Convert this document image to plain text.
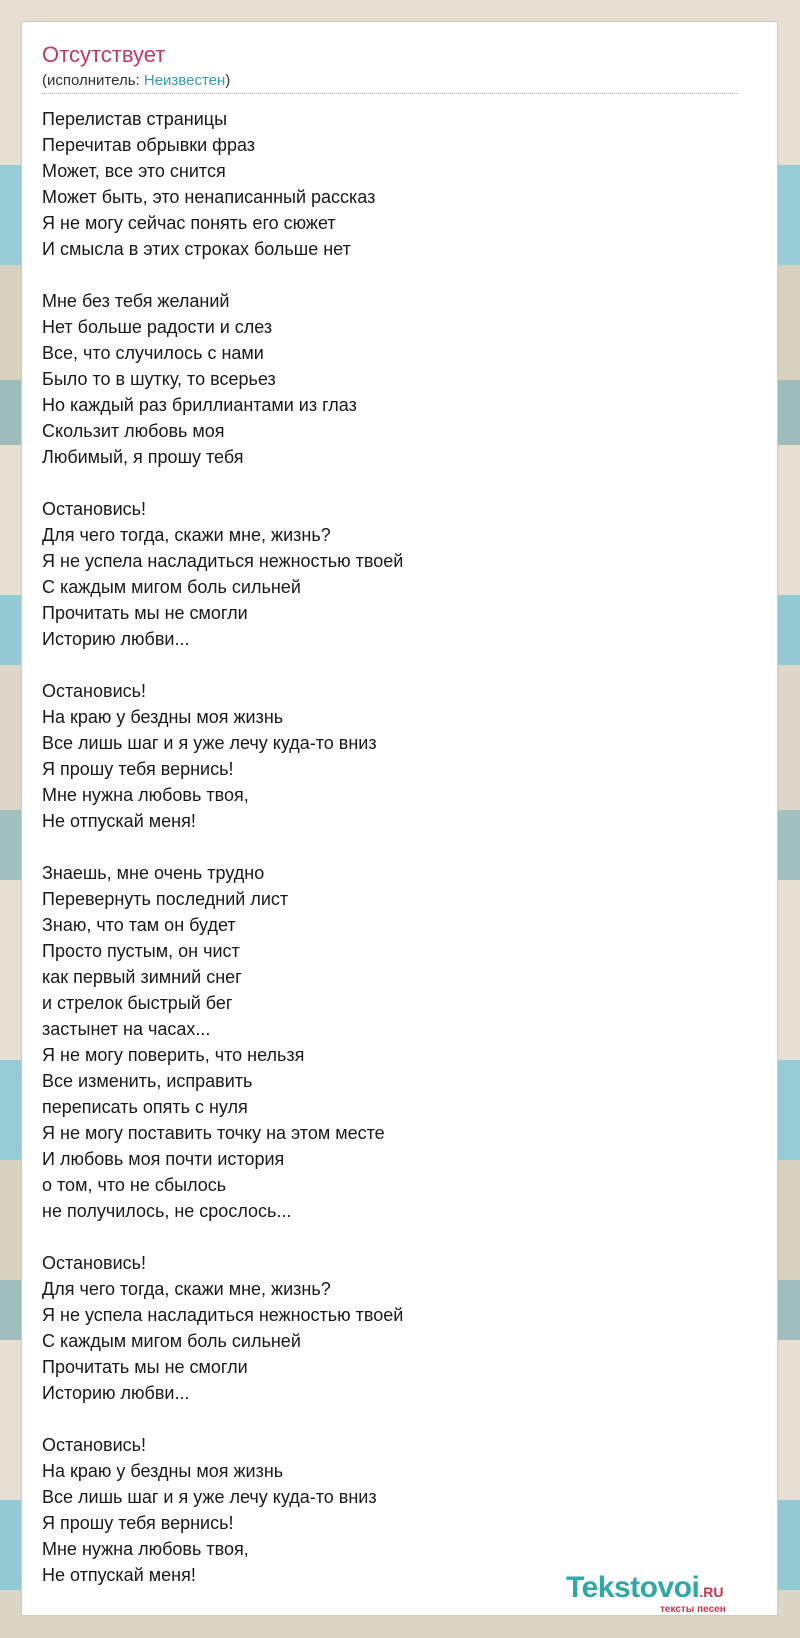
Отсутствует
(исполнитель: Неизвестен)
Перелистав страницы
Перечитав обрывки фраз
Может, все это снится
Может быть, это ненаписанный рассказ
Я не могу сейчас понять его сюжет
И смысла в этих строках больше нет
Мне без тебя желаний
Нет больше радости и слез
Все, что случилось с нами
Было то в шутку, то всерьез
Но каждый раз бриллиантами из глаз
Скользит любовь моя
Любимый, я прошу тебя
Остановись!
Для чего тогда, скажи мне, жизнь?
Я не успела насладиться нежностью твоей
С каждым мигом боль сильней
Прочитать мы не смогли
Историю любви...
Остановись!
На краю у бездны моя жизнь
Все лишь шаг и я уже лечу куда-то вниз
Я прошу тебя вернись!
Мне нужна любовь твоя,
Не отпускай меня!
Знаешь, мне очень трудно
Перевернуть последний лист
Знаю, что там он будет
Просто пустым, он чист
как первый зимний снег
и стрелок быстрый бег
застынет на часах...
Я не могу поверить, что нельзя
Все изменить, исправить
переписать опять с нуля
Я не могу поставить точку на этом месте
И любовь моя почти история
о том, что не сбылось
не получилось, не срослось...
Остановись!
Для чего тогда, скажи мне, жизнь?
Я не успела насладиться нежностью твоей
С каждым мигом боль сильней
Прочитать мы не смогли
Историю любви...
Остановись!
На краю у бездны моя жизнь
Все лишь шаг и я уже лечу куда-то вниз
Я прошу тебя вернись!
Мне нужна любовь твоя,
Не отпускай меня!	Tekstovoi.RU
тексты песен
